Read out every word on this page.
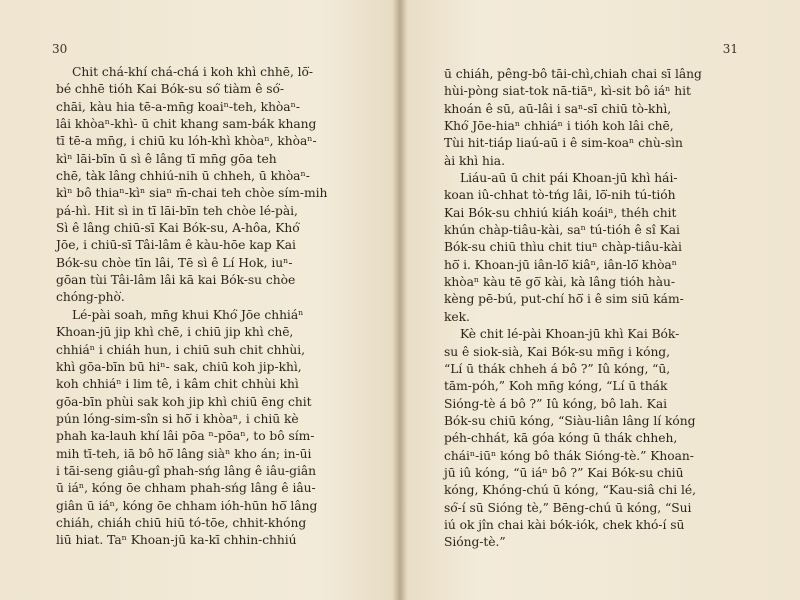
30
Chit chá-khí chá-chá i koh khì chhē, lō͘-
bé chhē tióh Kai Bók-su só͘ tiàm ê só͘-
chāi, kàu hia tē-a-mn̄g koaiⁿ-teh, khòaⁿ-
lâi khòaⁿ-khì- ū chit khang sam-bák khang
tī tē-a mn̄g, i chiū ku lóh-khì khòaⁿ, khòaⁿ-
kìⁿ lāi-bīn ū sì ê lâng tī mn̄g gōa teh
chē, tàk lâng chhiú-nih ū chheh, ū khòaⁿ-
kìⁿ bô thiaⁿ-kìⁿ siaⁿ m̄-chai teh chòe sím-mih
pá-hì. Hit sì in tī lāi-bīn teh chòe lé-pài,
Sì ê lâng chiū-sī Kai Bók-su, A-hôa, Khó͘
Jōe, i chiū-sī Tâi-lâm ê kàu-hōe kap Kai
Bók-su chòe tīn lâi, Tē sì ê Lí Hok, iuⁿ-
gōan tùi Tâi-lâm lâi kā kai Bók-su chòe
chóng-phò͘.
Lé-pài soah, mn̄g khui Khó͘ Jōe chhiáⁿ
Khoan-jū jip khì chē, i chiū jip khì chē,
chhiáⁿ i chiáh hun, i chiū suh chit chhùi,
khì gōa-bīn bū hiⁿ- sak, chiū koh jip-khì,
koh chhiáⁿ i lim tê, i kâm chit chhùi khì
gōa-bīn phùi sak koh jip khì chiū ēng chit
pún lóng-sim-sîn si hō͘ i khòaⁿ, i chiū kè
phah ka-lauh khí lâi pōa ⁿ-pōaⁿ, to bô sím-
mih tī-teh, iā bô hō͘ lâng siàⁿ kho án; in-ūi
i tāi-seng giâu-gî phah-sńg lâng ê iâu-giân
ū iáⁿ, kóng ōe chham phah-sńg lâng ê iâu-
giân ū iáⁿ, kóng ōe chham ióh-hūn hō͘ lâng
chiáh, chiáh chiū hiū tó-tōe, chhit-khóng
liū hiat. Taⁿ Khoan-jū ka-kī chhin-chhiú
31
ū chiáh, pêng-bô tāi-chì,chiah chai sī lâng
hùi-pòng siat-tok nā-tiāⁿ, kì-sit bô iáⁿ hit
khoán ê sū, aū-lâi i saⁿ-sī chiū tò-khì,
Khó͘ Jōe-hiaⁿ chhiáⁿ i tióh koh lâi chē,
Tùi hit-tiáp liaú-aū i ê sim-koaⁿ chù-sìn
ài khì hia.
Liáu-aū ū chit pái Khoan-jū khì hái-
koan iû-chhat tò-tńg lâi, lō͘-nih tú-tióh
Kai Bók-su chhiú kiáh koáiⁿ, théh chit
khún chàp-tiâu-kài, saⁿ tú-tióh ê sî Kai
Bók-su chiū thìu chit tiuⁿ chàp-tiâu-kài
hō͘ i. Khoan-jū iân-lō͘ kiâⁿ, iân-lō͘ khòaⁿ
khòaⁿ kàu tē gō͘ kài, kà lâng tióh hàu-
kèng pē-bú, put-chí hō͘ i ê sim siū kám-
kek.
Kè chit lé-pài Khoan-jū khì Kai Bók-
su ê siok-sià, Kai Bók-su mn̄g i kóng,
“Lí ū thák chheh á bô ?” Iû kóng, “ū,
tām-póh,” Koh mn̄g kóng, “Lí ū thák
Sióng-tè á bô ?” Iû kóng, bô lah. Kai
Bók-su chiū kóng, “Siàu-liân lâng lí kóng
péh-chhát, kā góa kóng ū thák chheh,
cháiⁿ-iūⁿ kóng bô thák Sióng-tè.” Khoan-
jū iû kóng, “ū iáⁿ bô ?” Kai Bók-su chiū
kóng, Khóng-chú ū kóng, “Kau-siâ chi lé,
só͘-í sū Sióng tè,” Bēng-chú ū kóng, “Sui
iú ok jîn chai kài bók-iók, chek khó-í sū
Sióng-tè.”
